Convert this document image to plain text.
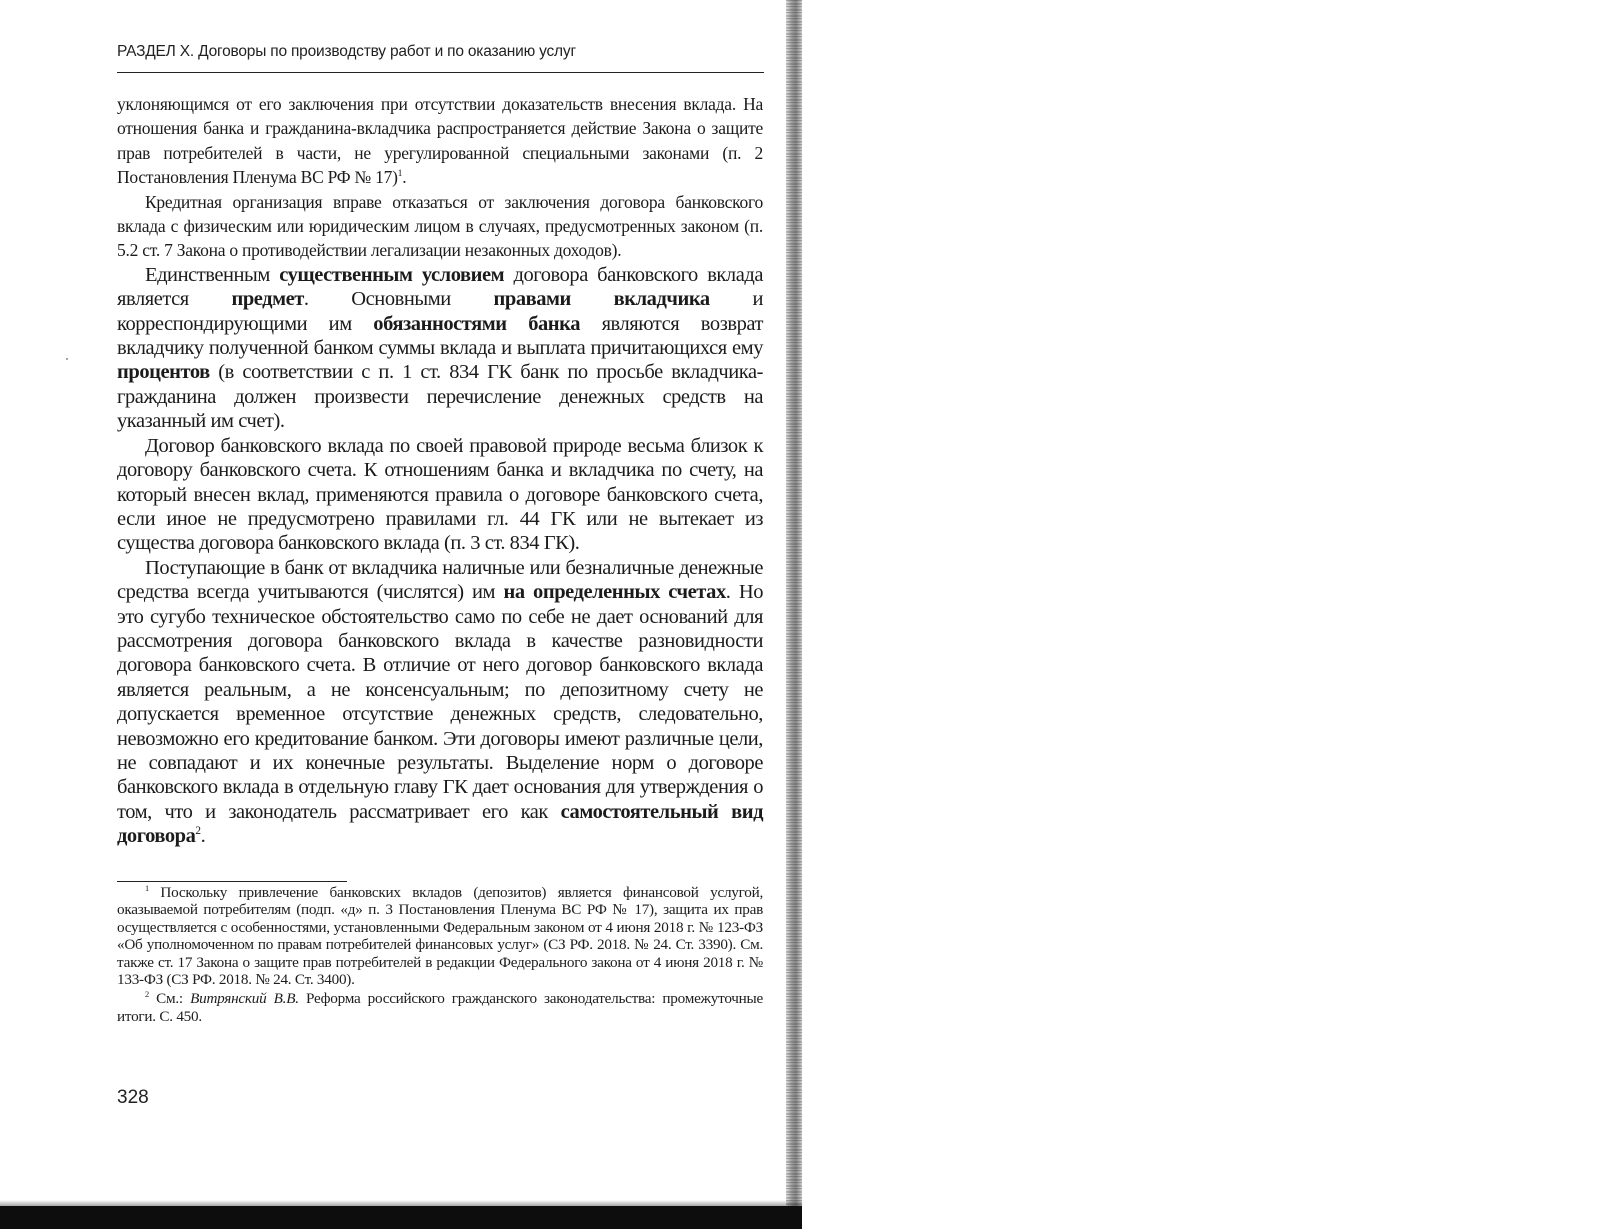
РАЗДЕЛ X. Договоры по производству работ и по оказанию услуг

уклоняющимся от его заключения при отсутствии доказательств внесения вклада. На отношения банка и гражданина-вкладчика распространяется действие Закона о защите прав потребителей в части, не урегулированной специальными законами (п. 2 Постановления Пленума ВС РФ № 17)$^1$.

Кредитная организация вправе отказаться от заключения договора банковского вклада с физическим или юридическим лицом в случаях, предусмотренных законом (п. 5.2 ст. 7 Закона о противодействии легализации незаконных доходов).

Единственным существенным условием договора банковского вклада является предмет. Основными правами вкладчика и корреспондирующими им обязанностями банка являются возврат вкладчику полученной банком суммы вклада и выплата причитающихся ему процентов (в соответствии с п. 1 ст. 834 ГК банк по просьбе вкладчика-гражданина должен произвести перечисление денежных средств на указанный им счет).

Договор банковского вклада по своей правовой природе весьма близок к договору банковского счета. К отношениям банка и вкладчика по счету, на который внесен вклад, применяются правила о договоре банковского счета, если иное не предусмотрено правилами гл. 44 ГК или не вытекает из существа договора банковского вклада (п. 3 ст. 834 ГК).

Поступающие в банк от вкладчика наличные или безналичные денежные средства всегда учитываются (числятся) им на определенных счетах. Но это сугубо техническое обстоятельство само по себе не дает оснований для рассмотрения договора банковского вклада в качестве разновидности договора банковского счета. В отличие от него договор банковского вклада является реальным, а не консенсуальным; по депозитному счету не допускается временное отсутствие денежных средств, следовательно, невозможно его кредитование банком. Эти договоры имеют различные цели, не совпадают и их конечные результаты. Выделение норм о договоре банковского вклада в отдельную главу ГК дает основания для утверждения о том, что и законодатель рассматривает его как самостоятельный вид договора$^2$.

$^1$ Поскольку привлечение банковских вкладов (депозитов) является финансовой услугой, оказываемой потребителям (подп. «д» п. 3 Постановления Пленума ВС РФ № 17), защита их прав осуществляется с особенностями, установленными Федеральным законом от 4 июня 2018 г. № 123-ФЗ «Об уполномоченном по правам потребителей финансовых услуг» (СЗ РФ. 2018. № 24. Ст. 3390). См. также ст. 17 Закона о защите прав потребителей в редакции Федерального закона от 4 июня 2018 г. № 133-ФЗ (СЗ РФ. 2018. № 24. Ст. 3400).

$^2$ См.: Витрянский В.В. Реформа российского гражданского законодательства: промежуточные итоги. С. 450.

328
